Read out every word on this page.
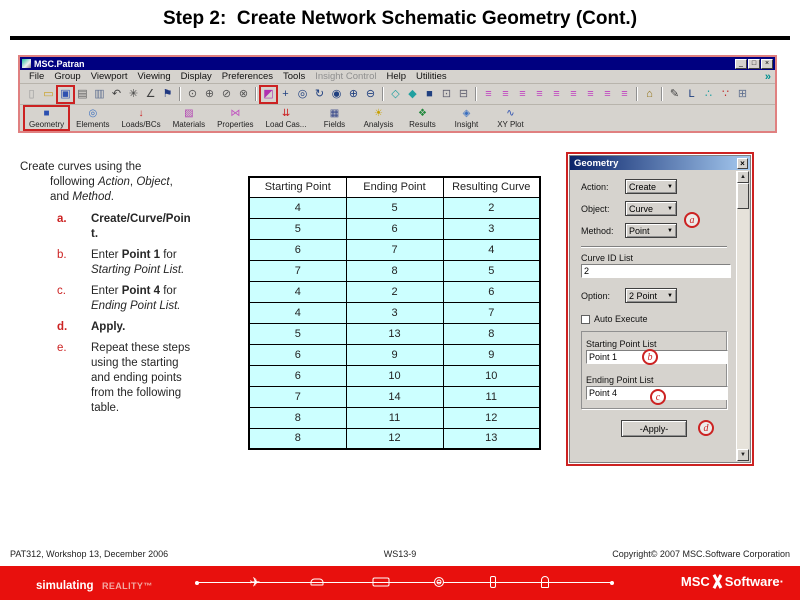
Step 2:  Create Network Schematic Geometry (Cont.)
MSC.Patran	_	□	×
File	Group	Viewport	Viewing	Display	Preferences	Tools	Insight Control	Help	Utilities	»
▯ ▭ ▣ ▤ ▥ ↶ ✳ ∠ ⚑	⊙ ⊕ ⊘ ⊗	◩ + ◎ ↻ ◉ ⊕ ⊖	◇ ◆ ■ ⊡ ⊟	≡ ≡ ≡ ≡ ≡ ≡ ≡ ≡ ≡	⌂	✎ L ∴ ∵ ⊞
■
Geometry
◎
Elements
↓
Loads/BCs
▨
Materials
⋈
Properties
⇊
Load Cas...
▦
Fields
☀
Analysis
❖
Results
◈
Insight
∿
XY Plot
Create curves using the following Action, Object, and Method.
a.	Create/Curve/Point.
b.	Enter Point 1 for Starting Point List.
c.	Enter Point 4 for Ending Point List.
d.	Apply.
e.	Repeat these steps using the starting and ending points from the following table.
Starting Point	Ending Point	Resulting Curve
4	5	2
5	6	3
6	7	4
7	8	5
4	2	6
4	3	7
5	13	8
6	9	9
6	10	10
7	14	11
8	11	12
8	12	13
Geometry	×
▲
▼
Action:	Create ▼
Object:	Curve ▼
Method:	Point	▼
Curve ID List
2
Option:	2 Point ▼
Auto Execute
Starting Point List
Point 1
Ending Point List
Point 4
-Apply-
a
b
c
d
PAT312, Workshop 13, December 2006	WS13-9	Copyright© 2007 MSC.Software Corporation
simulating REALITY™	✈	MSC Software·
